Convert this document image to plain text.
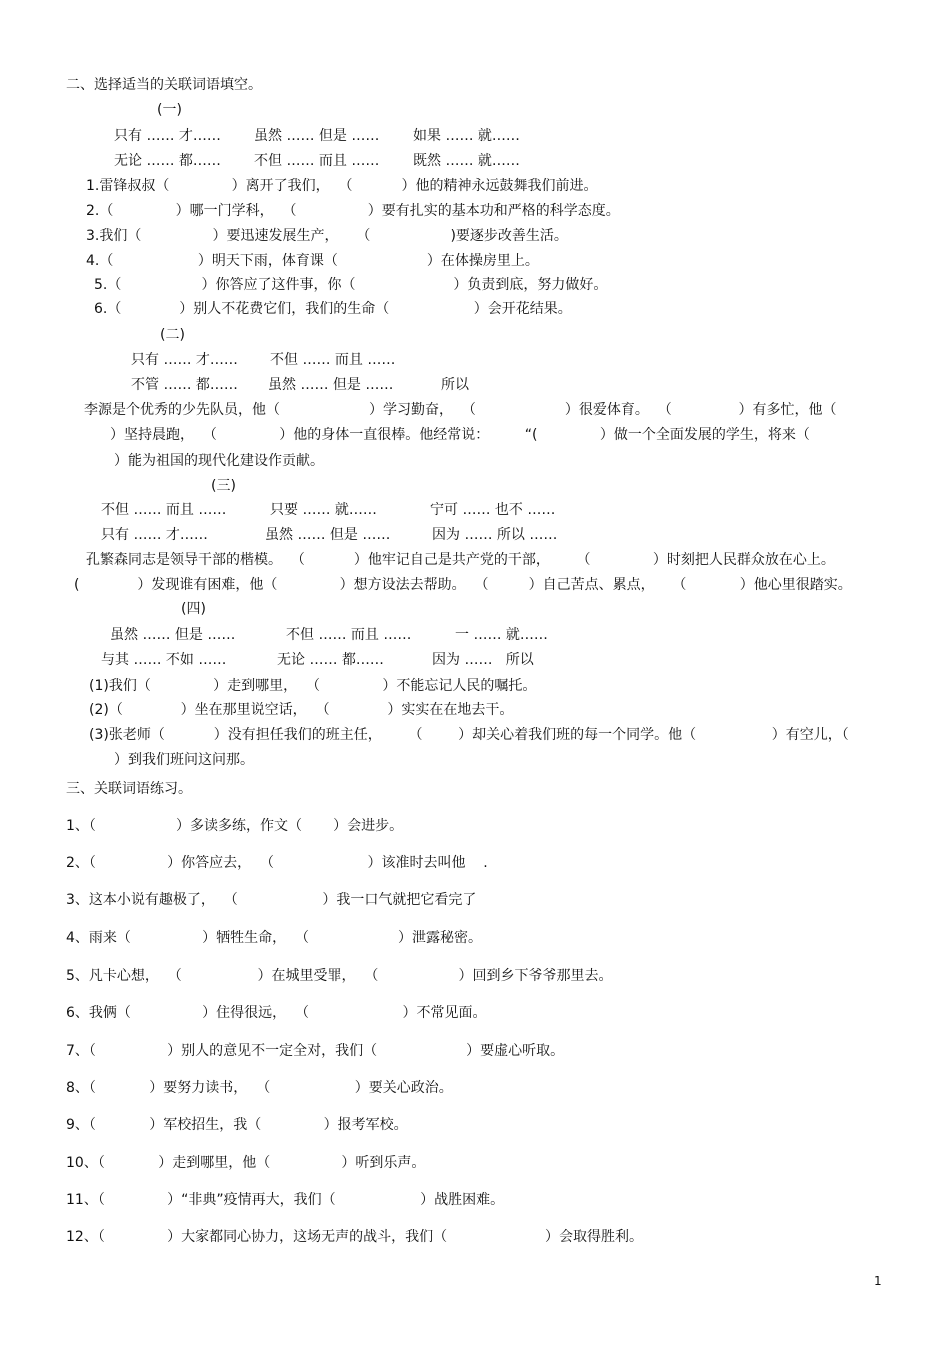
二、选择适当的关联词语填空。
(一)
只有 …… 才…… 虽然 …… 但是 …… 如果 …… 就……
无论 …… 都…… 不但 …… 而且 …… 既然 …… 就……
1.雷锋叔叔（              ）离开了我们，  （           ）他的精神永远鼓舞我们前进。
2.（              ）哪一门学科，  （                ）要有扎实的基本功和严格的科学态度。
3.我们（                ）要迅速发展生产，    （                  )要逐步改善生活。
4.（                   ）明天下雨，体育课（                    ）在体操房里上。
5.（                  ）你答应了这件事，你（                      ）负责到底，努力做好。
6.（             ）别人不花费它们，我们的生命（                   ）会开花结果。
(二)
只有 …… 才…… 不但 …… 而且 ……
不管 …… 都…… 虽然 …… 但是 ……	所以
李源是个优秀的少先队员，他（                    ）学习勤奋，  （                    ）很爱体育。  （               ）有多忙，他（
）坚持晨跑，  （              ）他的身体一直很棒。他经常说：        “(              ）做一个全面发展的学生，将来（
）能为祖国的现代化建设作贡献。
(三)
不但 …… 而且 ……	只要 …… 就……	宁可 …… 也不 ……
只有 …… 才……	虽然 …… 但是 ……	因为 …… 所以 ……
孔繁森同志是领导干部的楷模。  （           ）他牢记自己是共产党的干部，      （              ）时刻把人民群众放在心上。
(             ）发现谁有困难，他（              ）想方设法去帮助。  （         ）自己苦点、累点，    （            ）他心里很踏实。
(四)
虽然 …… 但是 ……	不但 …… 而且 ……	一 …… 就……
与其 …… 不如 ……	无论 …… 都……	因为 ……   所以
(1)我们（              ）走到哪里，  （              ）不能忘记人民的嘱托。
(2)（             ）坐在那里说空话，  （             ）实实在在地去干。
(3)张老师（           ）没有担任我们的班主任，      （        ）却关心着我们班的每一个同学。他（                 ）有空儿，（
）到我们班问这问那。
三、关联词语练习。
1、（                  ）多读多练，作文（       ）会进步。
2、（                ）你答应去，  （                     ）该准时去叫他    .
3、这本小说有趣极了，  （                   ）我一口气就把它看完了
4、雨来（                ）牺牲生命，  （                    ）泄露秘密。
5、凡卡心想，  （                 ）在城里受罪，  （                  ）回到乡下爷爷那里去。
6、我俩（                ）住得很远，  （                     ）不常见面。
7、（                ）别人的意见不一定全对，我们（                    ）要虚心听取。
8、（            ）要努力读书，  （                   ）要关心政治。
9、（            ）军校招生，我（              ）报考军校。
10、（            ）走到哪里，他（                ）听到乐声。
11、（              ）“非典”疫情再大，我们（                   ）战胜困难。
12、（              ）大家都同心协力，这场无声的战斗，我们（                      ）会取得胜利。
1
